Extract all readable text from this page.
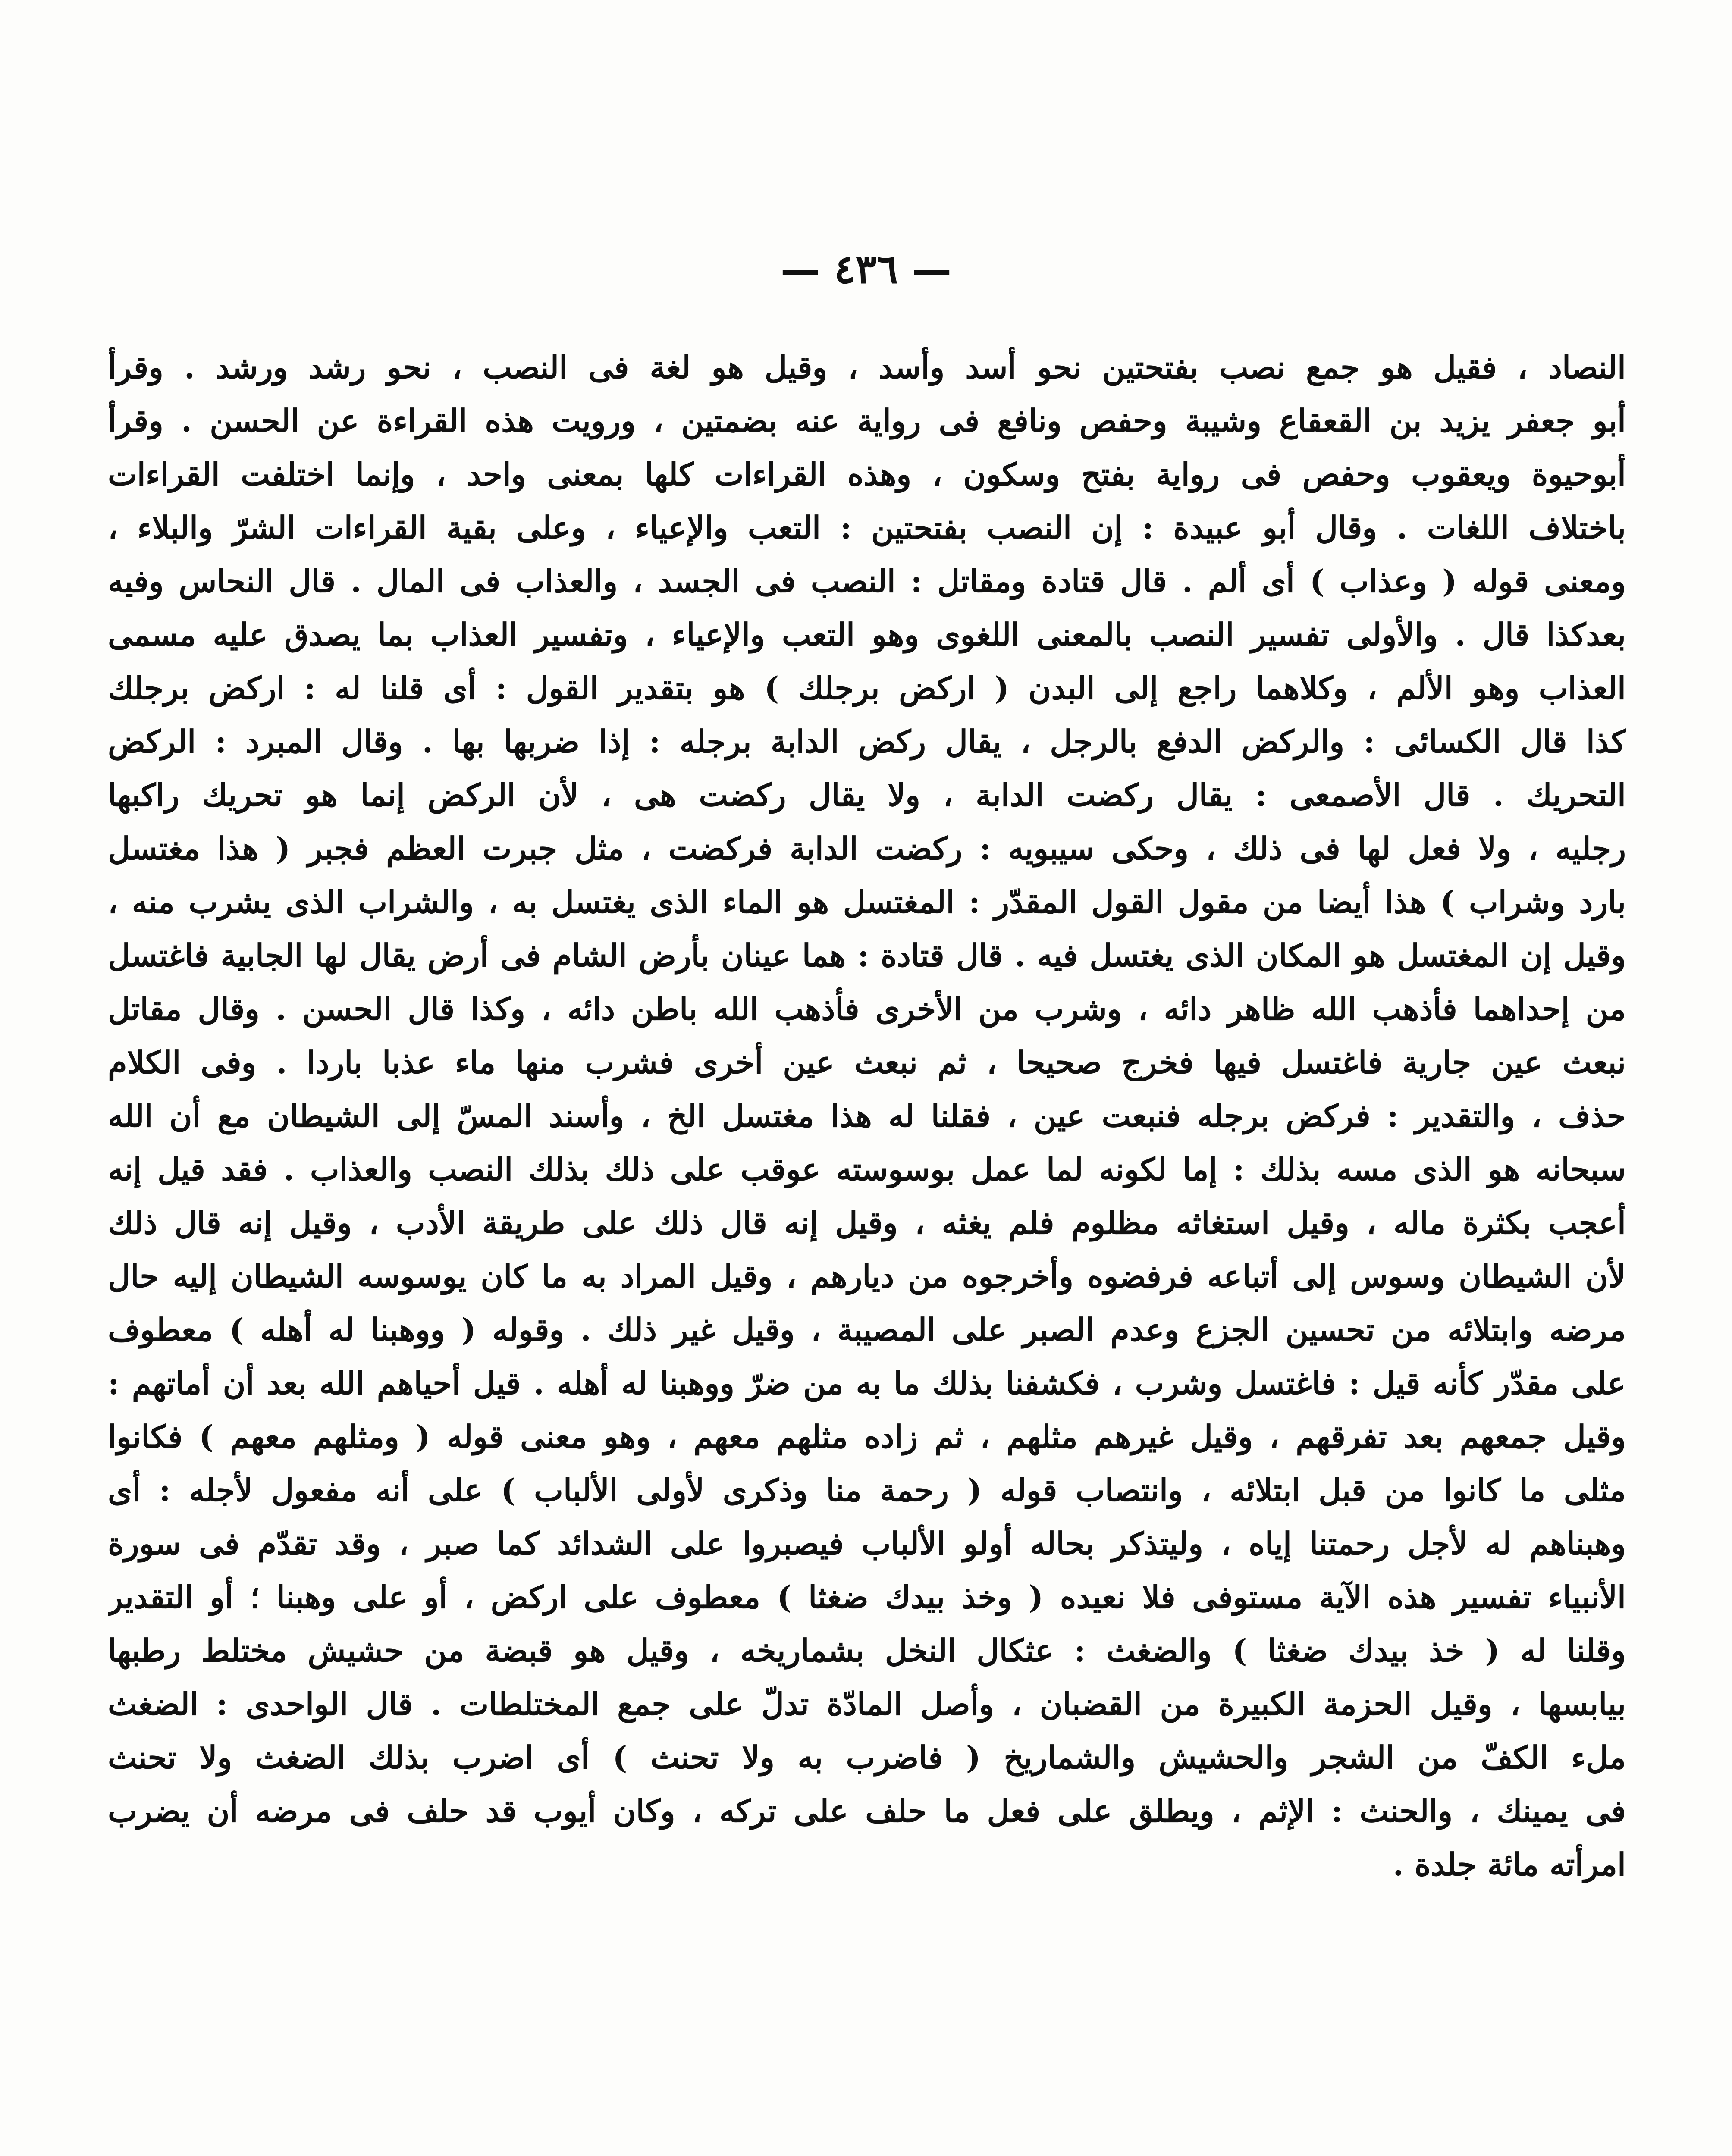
— ٤٣٦ —
النصاد ، فقيل هو جمع نصب بفتحتين نحو أسد وأسد ، وقيل هو لغة فى النصب ، نحو رشد ورشد . وقرأ
أبو جعفر يزيد بن القعقاع وشيبة وحفص ونافع فى رواية عنه بضمتين ، ورويت هذه القراءة عن الحسن . وقرأ
أبوحيوة ويعقوب وحفص فى رواية بفتح وسكون ، وهذه القراءات كلها بمعنى واحد ، وإنما اختلفت القراءات
باختلاف اللغات . وقال أبو عبيدة : إن النصب بفتحتين : التعب والإعياء ، وعلى بقية القراءات الشرّ والبلاء ،
ومعنى قوله ( وعذاب ) أى ألم . قال قتادة ومقاتل : النصب فى الجسد ، والعذاب فى المال . قال النحاس وفيه
بعدكذا قال . والأولى تفسير النصب بالمعنى اللغوى وهو التعب والإعياء ، وتفسير العذاب بما يصدق عليه مسمى
العذاب وهو الألم ، وكلاهما راجع إلى البدن ( اركض برجلك ) هو بتقدير القول : أى قلنا له : اركض برجلك
كذا قال الكسائى : والركض الدفع بالرجل ، يقال ركض الدابة برجله : إذا ضربها بها . وقال المبرد : الركض
التحريك . قال الأصمعى : يقال ركضت الدابة ، ولا يقال ركضت هى ، لأن الركض إنما هو تحريك راكبها
رجليه ، ولا فعل لها فى ذلك ، وحكى سيبويه : ركضت الدابة فركضت ، مثل جبرت العظم فجبر ( هذا مغتسل
بارد وشراب ) هذا أيضا من مقول القول المقدّر : المغتسل هو الماء الذى يغتسل به ، والشراب الذى يشرب منه ،
وقيل إن المغتسل هو المكان الذى يغتسل فيه . قال قتادة : هما عينان بأرض الشام فى أرض يقال لها الجابية فاغتسل
من إحداهما فأذهب الله ظاهر دائه ، وشرب من الأخرى فأذهب الله باطن دائه ، وكذا قال الحسن . وقال مقاتل
نبعث عين جارية فاغتسل فيها فخرج صحيحا ، ثم نبعث عين أخرى فشرب منها ماء عذبا باردا . وفى الكلام
حذف ، والتقدير : فركض برجله فنبعت عين ، فقلنا له هذا مغتسل الخ ، وأسند المسّ إلى الشيطان مع أن الله
سبحانه هو الذى مسه بذلك : إما لكونه لما عمل بوسوسته عوقب على ذلك بذلك النصب والعذاب . فقد قيل إنه
أعجب بكثرة ماله ، وقيل استغاثه مظلوم فلم يغثه ، وقيل إنه قال ذلك على طريقة الأدب ، وقيل إنه قال ذلك
لأن الشيطان وسوس إلى أتباعه فرفضوه وأخرجوه من ديارهم ، وقيل المراد به ما كان يوسوسه الشيطان إليه حال
مرضه وابتلائه من تحسين الجزع وعدم الصبر على المصيبة ، وقيل غير ذلك . وقوله ( ووهبنا له أهله ) معطوف
على مقدّر كأنه قيل : فاغتسل وشرب ، فكشفنا بذلك ما به من ضرّ ووهبنا له أهله . قيل أحياهم الله بعد أن أماتهم :
وقيل جمعهم بعد تفرقهم ، وقيل غيرهم مثلهم ، ثم زاده مثلهم معهم ، وهو معنى قوله ( ومثلهم معهم ) فكانوا
مثلى ما كانوا من قبل ابتلائه ، وانتصاب قوله ( رحمة منا وذكرى لأولى الألباب ) على أنه مفعول لأجله : أى
وهبناهم له لأجل رحمتنا إياه ، وليتذكر بحاله أولو الألباب فيصبروا على الشدائد كما صبر ، وقد تقدّم فى سورة
الأنبياء تفسير هذه الآية مستوفى فلا نعيده ( وخذ بيدك ضغثا ) معطوف على اركض ، أو على وهبنا ؛ أو التقدير
وقلنا له ( خذ بيدك ضغثا ) والضغث : عثكال النخل بشماريخه ، وقيل هو قبضة من حشيش مختلط رطبها
بيابسها ، وقيل الحزمة الكبيرة من القضبان ، وأصل المادّة تدلّ على جمع المختلطات . قال الواحدى : الضغث
ملء الكفّ من الشجر والحشيش والشماريخ ( فاضرب به ولا تحنث ) أى اضرب بذلك الضغث ولا تحنث
فى يمينك ، والحنث : الإثم ، ويطلق على فعل ما حلف على تركه ، وكان أيوب قد حلف فى مرضه أن يضرب
امرأته مائة جلدة .
